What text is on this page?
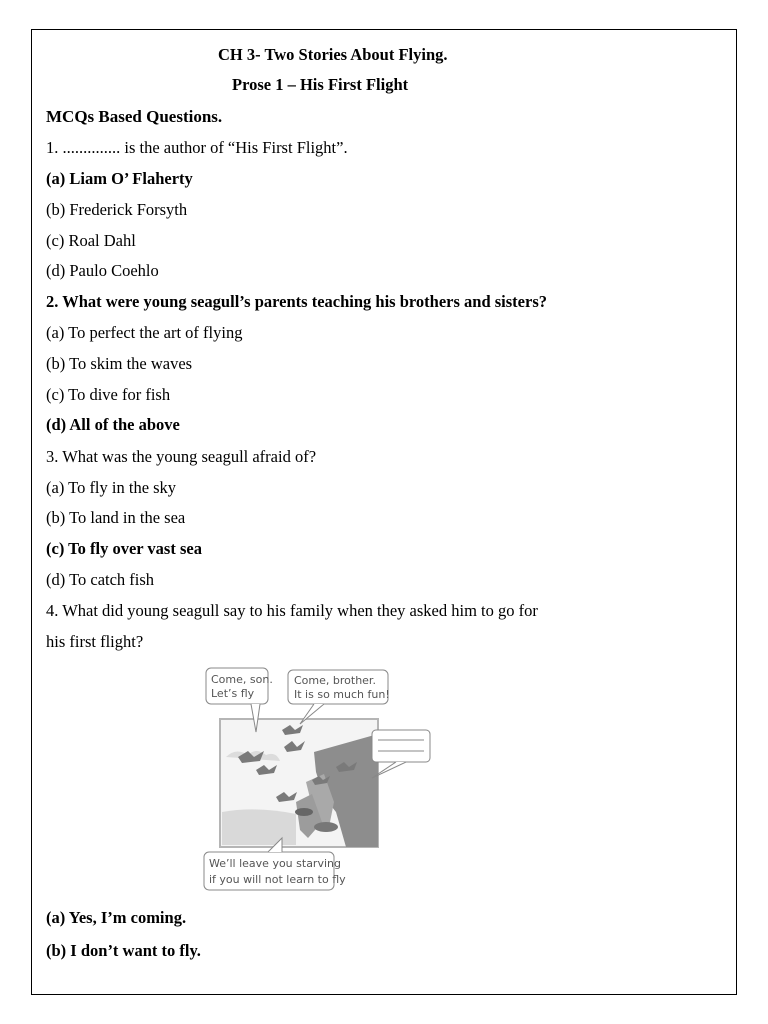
CH 3- Two Stories About Flying.
Prose 1 – His First Flight
MCQs Based Questions.
1. .............. is the author of “His First Flight”.
(a) Liam O’ Flaherty
(b) Frederick Forsyth
(c) Roal Dahl
(d) Paulo Coehlo
2. What were young seagull’s parents teaching his brothers and sisters?
(a) To perfect the art of flying
(b) To skim the waves
(c) To dive for fish
(d) All of the above
3. What was the young seagull afraid of?
(a) To fly in the sky
(b) To land in the sea
(c) To fly over vast sea
(d) To catch fish
4. What did young seagull say to his family when they asked him to go for
his first flight?
Come, son.
Let’s fly
Come, brother.
It is so much fun!
We’ll leave you starving
if you will not learn to fly
(a) Yes, I’m coming.
(b) I don’t want to fly.
